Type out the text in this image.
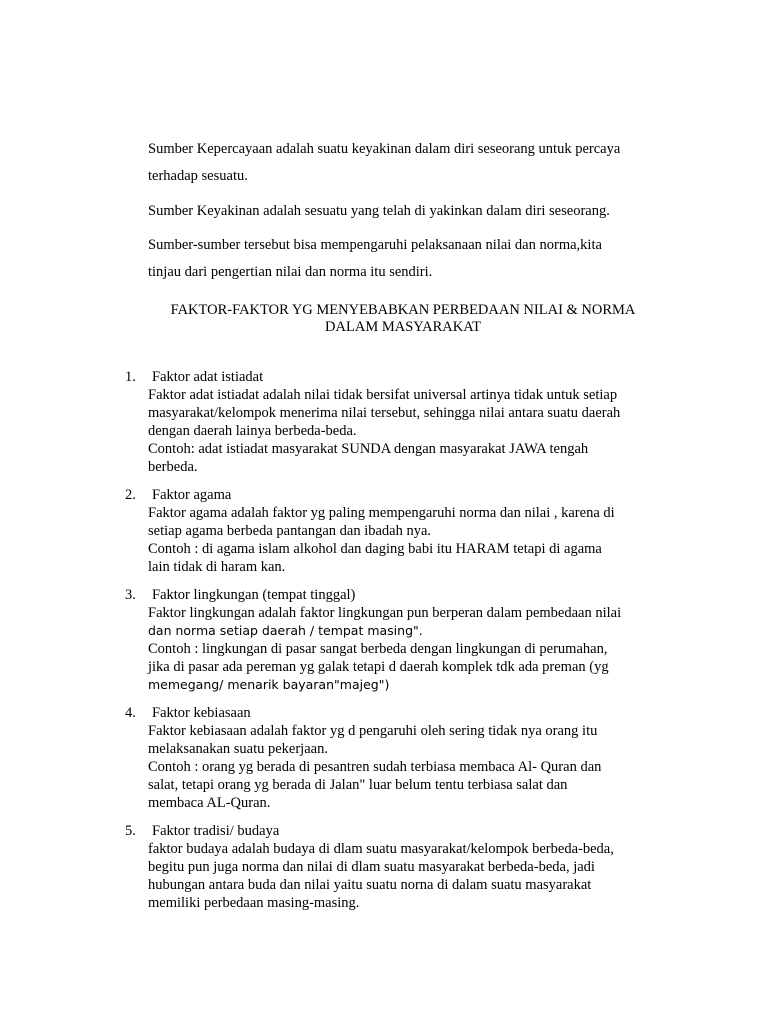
Sumber Kepercayaan adalah suatu keyakinan dalam diri seseorang untuk percaya
terhadap sesuatu.

Sumber Keyakinan adalah sesuatu yang telah di yakinkan dalam diri seseorang.

Sumber-sumber tersebut bisa mempengaruhi pelaksanaan nilai dan norma,kita
tinjau dari pengertian nilai dan norma itu sendiri.

FAKTOR-FAKTOR YG MENYEBABKAN PERBEDAAN NILAI & NORMA
DALAM MASYARAKAT
1. Faktor adat istiadat
Faktor adat istiadat adalah nilai tidak bersifat universal artinya tidak untuk setiap
masyarakat/kelompok menerima nilai tersebut, sehingga nilai antara suatu daerah
dengan daerah lainya berbeda-beda.
Contoh: adat istiadat masyarakat SUNDA dengan masyarakat JAWA tengah
berbeda.
2. Faktor agama
Faktor agama adalah faktor yg paling mempengaruhi norma dan nilai , karena di
setiap agama berbeda pantangan dan ibadah nya.
Contoh : di agama islam alkohol dan daging babi itu HARAM tetapi di agama
lain tidak di haram kan.
3. Faktor lingkungan (tempat tinggal)
Faktor lingkungan adalah faktor lingkungan pun berperan dalam pembedaan nilai
dan norma setiap daerah / tempat masing".
Contoh : lingkungan di pasar sangat berbeda dengan lingkungan di perumahan,
jika di pasar ada pereman yg galak tetapi d daerah komplek tdk ada preman (yg
memegang/ menarik bayaran"majeg")
4. Faktor kebiasaan
Faktor kebiasaan adalah faktor yg d pengaruhi oleh sering tidak nya orang itu
melaksanakan suatu pekerjaan.
Contoh : orang yg berada di pesantren sudah terbiasa membaca Al- Quran dan
salat, tetapi orang yg berada di Jalan" luar belum tentu terbiasa salat dan
membaca AL-Quran.
5. Faktor tradisi/ budaya
faktor budaya adalah budaya di dlam suatu masyarakat/kelompok berbeda-beda,
begitu pun juga norma dan nilai di dlam suatu masyarakat berbeda-beda, jadi
hubungan antara buda dan nilai yaitu suatu norna di dalam suatu masyarakat
memiliki perbedaan masing-masing.
